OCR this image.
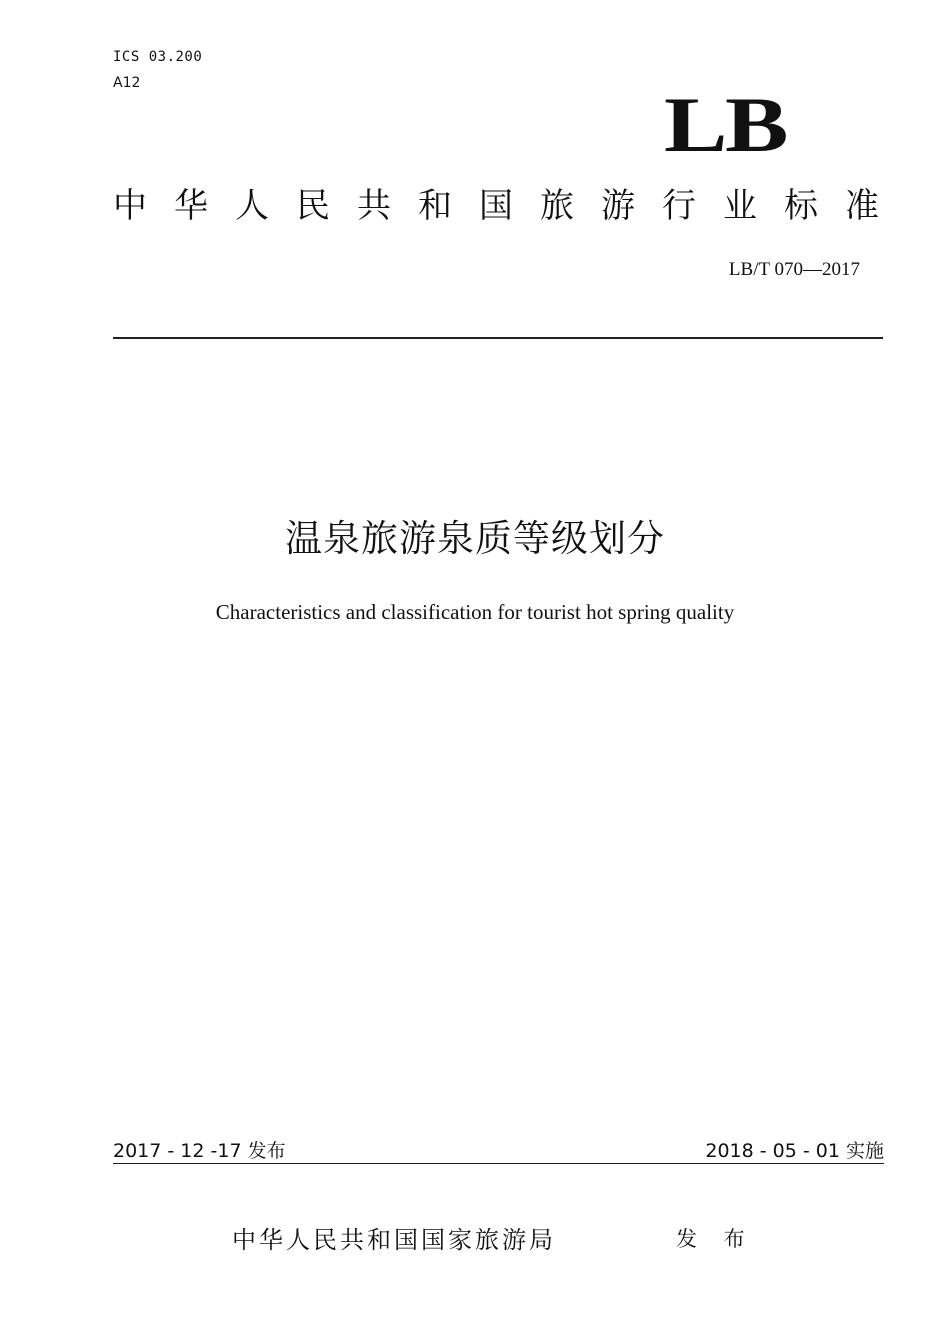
ICS 03.200
A12	LB
中华人民共和国旅游行业标准
LB/T 070—2017
温泉旅游泉质等级划分
Characteristics and classification for tourist hot spring quality
2017 - 12 -17 发布	2018 - 05 - 01 实施
中华人民共和国国家旅游局	发 布
